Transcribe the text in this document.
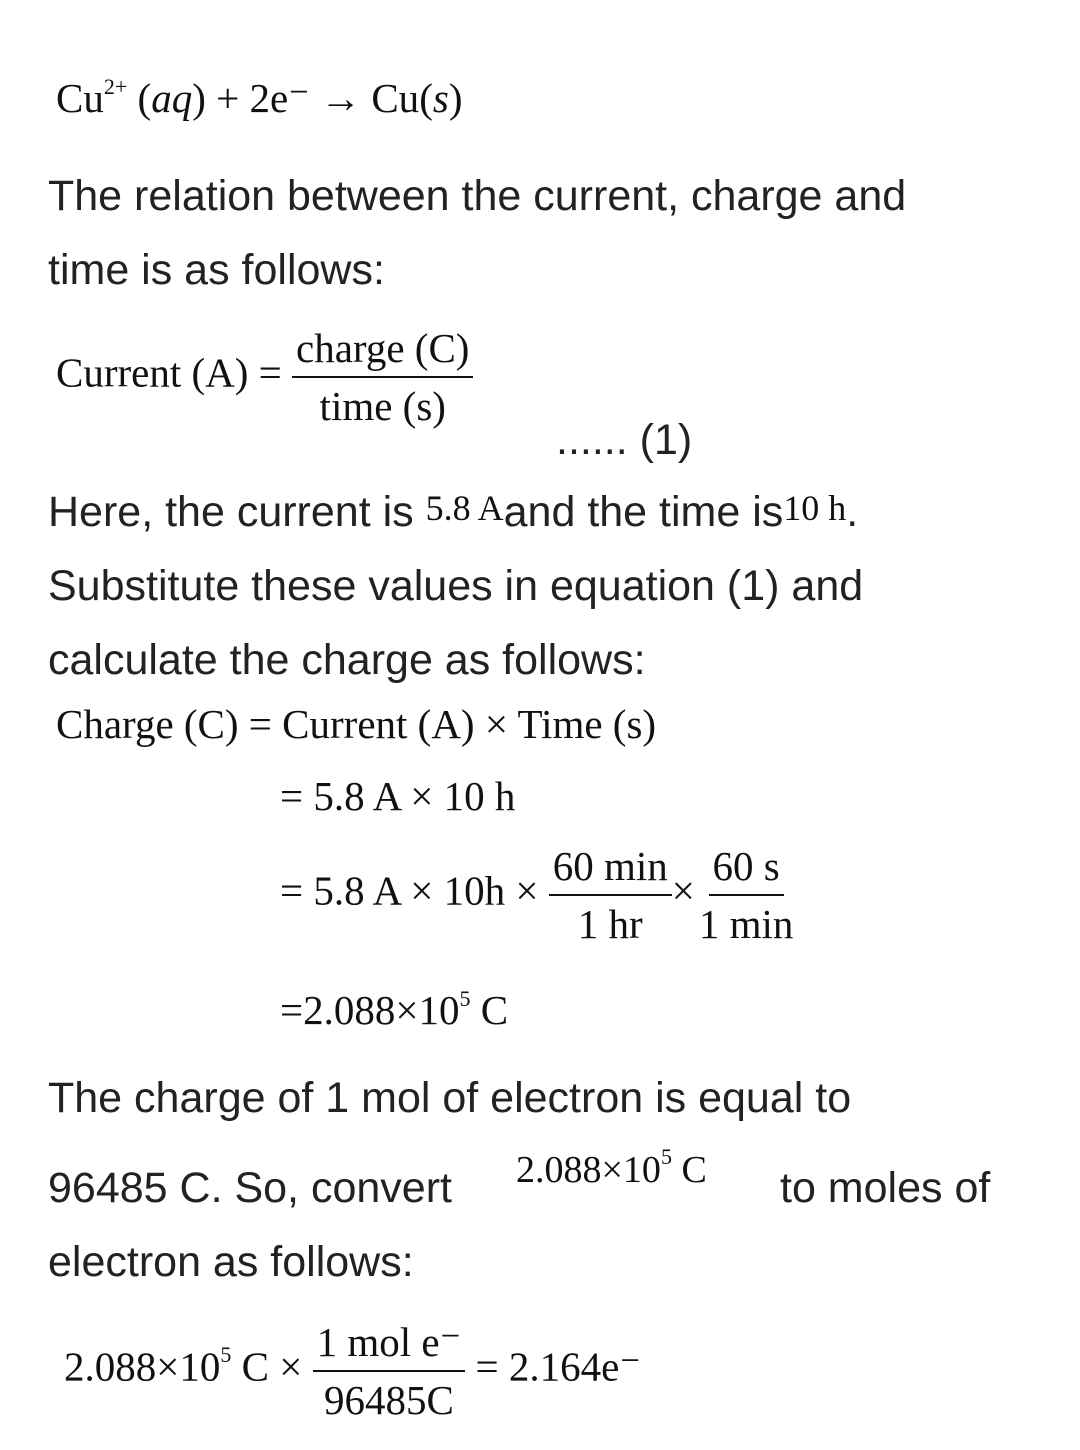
$Cu^{2+}$ (aq) + 2e⁻ → Cu(s)
The relation between the current, charge and
time is as follows:
Current $(A) = \frac{\text{charge (C)}}{\text{time (s)}}$
...... (1)
Here, the current is 5.8 Aand the time is10 h.
Substitute these values in equation (1) and
calculate the charge as follows:
Charge (C) = Current (A) × Time (s)
= 5.8 A × 10 h
= 5.8 $A \times 10h \times \frac{60 \min}{1 hr} \times \frac{60 s}{1 \min}$
$=2.088\times 10^5$ C
The charge of 1 mol of electron is equal to
96485 C. So, convert $2.088\times 10^5$ C to moles of
electron as follows:
$2.088\times 10^5$ $C \times \frac{\text{1 mol e⁻}}{96485C} = 2.164e^-$
